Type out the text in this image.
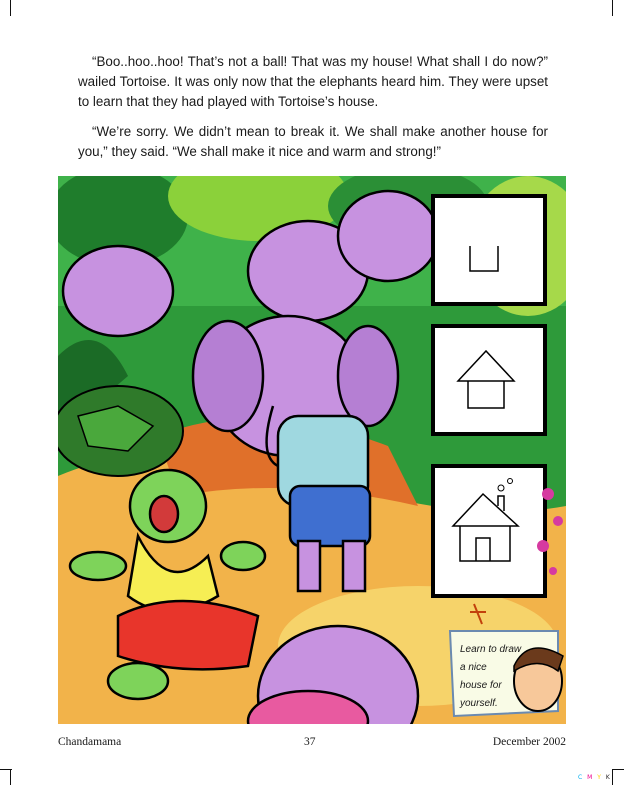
“Boo..hoo..hoo! That’s not a ball! That was my house! What shall I do now?” wailed Tortoise. It was only now that the elephants heard him. They were upset to learn that they had played with Tortoise’s house.

“We’re sorry. We didn’t mean to break it. We shall make another house for you,” they said. “We shall make it nice and warm and strong!”

Learn to draw
a nice
house for
yourself.
Chandamama	37	December 2002
C M Y K
